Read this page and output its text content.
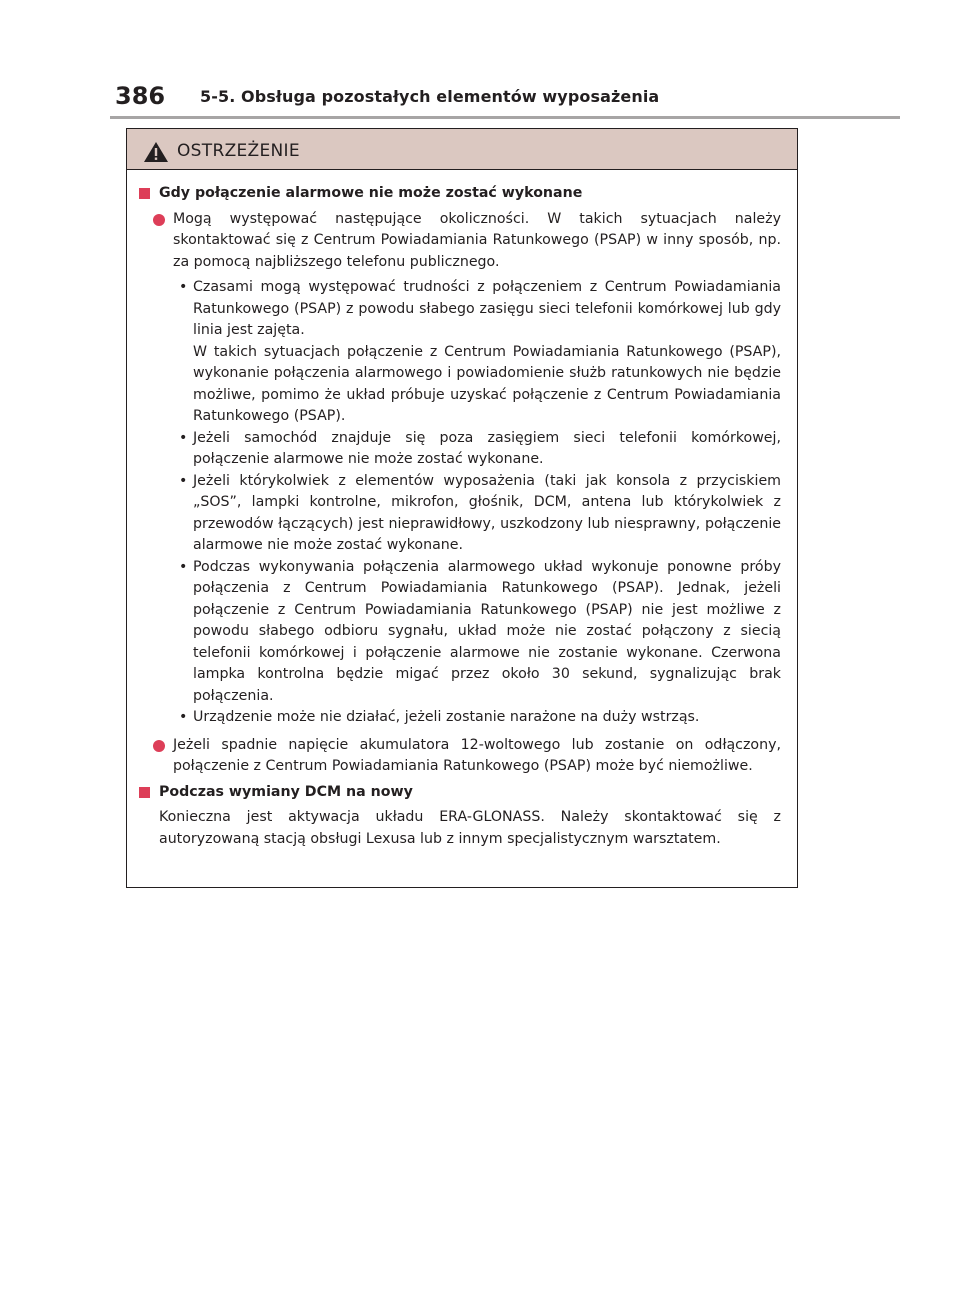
386 5-5. Obsługa pozostałych elementów wyposażenia
OSTRZEŻENIE
Gdy połączenie alarmowe nie może zostać wykonane
Mogą występować następujące okoliczności. W takich sytuacjach należy skontaktować się z Centrum Powiadamiania Ratunkowego (PSAP) w inny sposób, np. za pomocą najbliższego telefonu publicznego.
• Czasami mogą występować trudności z połączeniem z Centrum Powiadamiania Ratunkowego (PSAP) z powodu słabego zasięgu sieci telefonii komórkowej lub gdy linia jest zajęta.
W takich sytuacjach połączenie z Centrum Powiadamiania Ratunkowego (PSAP), wykonanie połączenia alarmowego i powiadomienie służb ratunkowych nie będzie możliwe, pomimo że układ próbuje uzyskać połączenie z Centrum Powiadamiania Ratunkowego (PSAP).
• Jeżeli samochód znajduje się poza zasięgiem sieci telefonii komórkowej, połączenie alarmowe nie może zostać wykonane.
• Jeżeli którykolwiek z elementów wyposażenia (taki jak konsola z przyciskiem „SOS”, lampki kontrolne, mikrofon, głośnik, DCM, antena lub którykolwiek z przewodów łączących) jest nieprawidłowy, uszkodzony lub niesprawny, połączenie alarmowe nie może zostać wykonane.
• Podczas wykonywania połączenia alarmowego układ wykonuje ponowne próby połączenia z Centrum Powiadamiania Ratunkowego (PSAP). Jednak, jeżeli połączenie z Centrum Powiadamiania Ratunkowego (PSAP) nie jest możliwe z powodu słabego odbioru sygnału, układ może nie zostać połączony z siecią telefonii komórkowej i połączenie alarmowe nie zostanie wykonane. Czerwona lampka kontrolna będzie migać przez około 30 sekund, sygnalizując brak połączenia.
• Urządzenie może nie działać, jeżeli zostanie narażone na duży wstrząs.
Jeżeli spadnie napięcie akumulatora 12-woltowego lub zostanie on odłączony, połączenie z Centrum Powiadamiania Ratunkowego (PSAP) może być niemożliwe.
Podczas wymiany DCM na nowy
Konieczna jest aktywacja układu ERA-GLONASS. Należy skontaktować się z autoryzowaną stacją obsługi Lexusa lub z innym specjalistycznym warsztatem.
